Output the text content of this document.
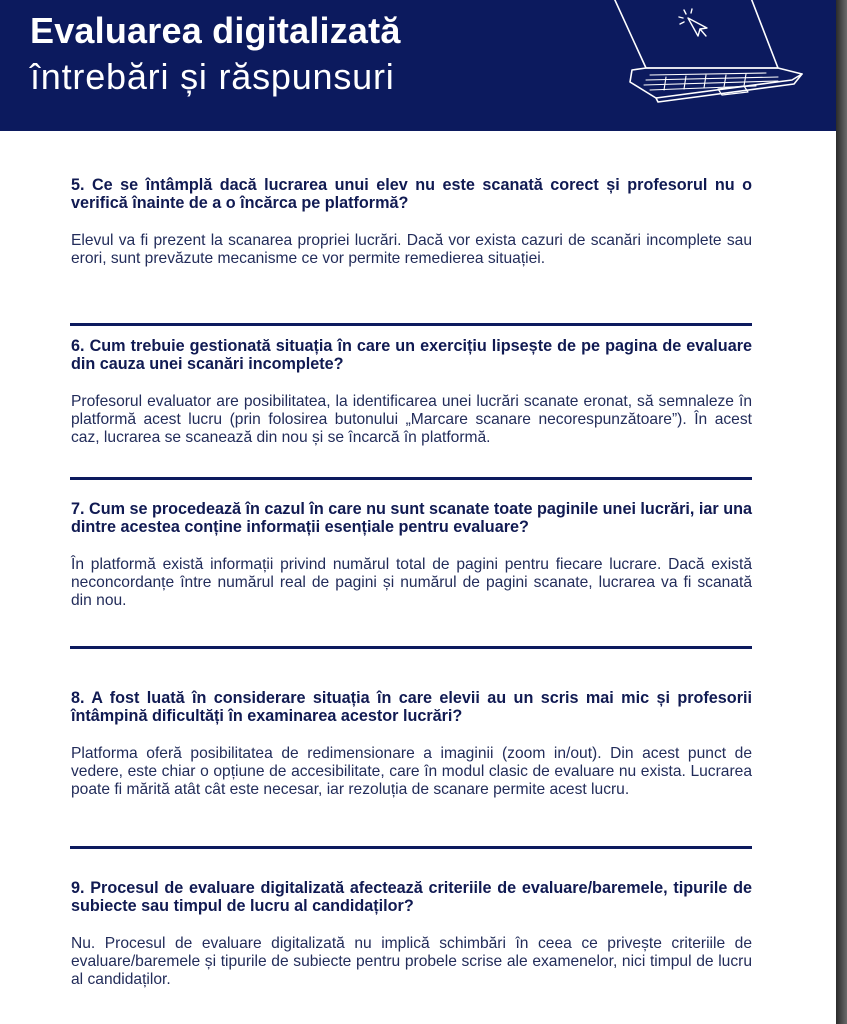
Evaluarea digitalizată
întrebări și răspunsuri
5. Ce se întâmplă dacă lucrarea unui elev nu este scanată corect și profesorul nu o verifică înainte de a o încărca pe platformă?
Elevul va fi prezent la scanarea propriei lucrări. Dacă vor exista cazuri de scanări incomplete sau erori, sunt prevăzute mecanisme ce vor permite remedierea situației.
6. Cum trebuie gestionată situația în care un exercițiu lipsește de pe pagina de evaluare din cauza unei scanări incomplete?
Profesorul evaluator are posibilitatea, la identificarea unei lucrări scanate eronat, să semnaleze în platformă acest lucru (prin folosirea butonului „Marcare scanare necorespunzătoare”). În acest caz, lucrarea se scanează din nou și se încarcă în platformă.
7. Cum se procedează în cazul în care nu sunt scanate toate paginile unei lucrări, iar una dintre acestea conține informații esențiale pentru evaluare?
În platformă există informații privind numărul total de pagini pentru fiecare lucrare. Dacă există neconcordanțe între numărul real de pagini și numărul de pagini scanate, lucrarea va fi scanată din nou.
8. A fost luată în considerare situația în care elevii au un scris mai mic și profesorii întâmpină dificultăți în examinarea acestor lucrări?
Platforma oferă posibilitatea de redimensionare a imaginii (zoom in/out). Din acest punct de vedere, este chiar o opțiune de accesibilitate, care în modul clasic de evaluare nu exista. Lucrarea poate fi mărită atât cât este necesar, iar rezoluția de scanare permite acest lucru.
9. Procesul de evaluare digitalizată afectează criteriile de evaluare/baremele, tipurile de subiecte sau timpul de lucru al candidaților?
Nu. Procesul de evaluare digitalizată nu implică schimbări în ceea ce privește criteriile de evaluare/baremele și tipurile de subiecte pentru probele scrise ale examenelor, nici timpul de lucru al candidaților.
